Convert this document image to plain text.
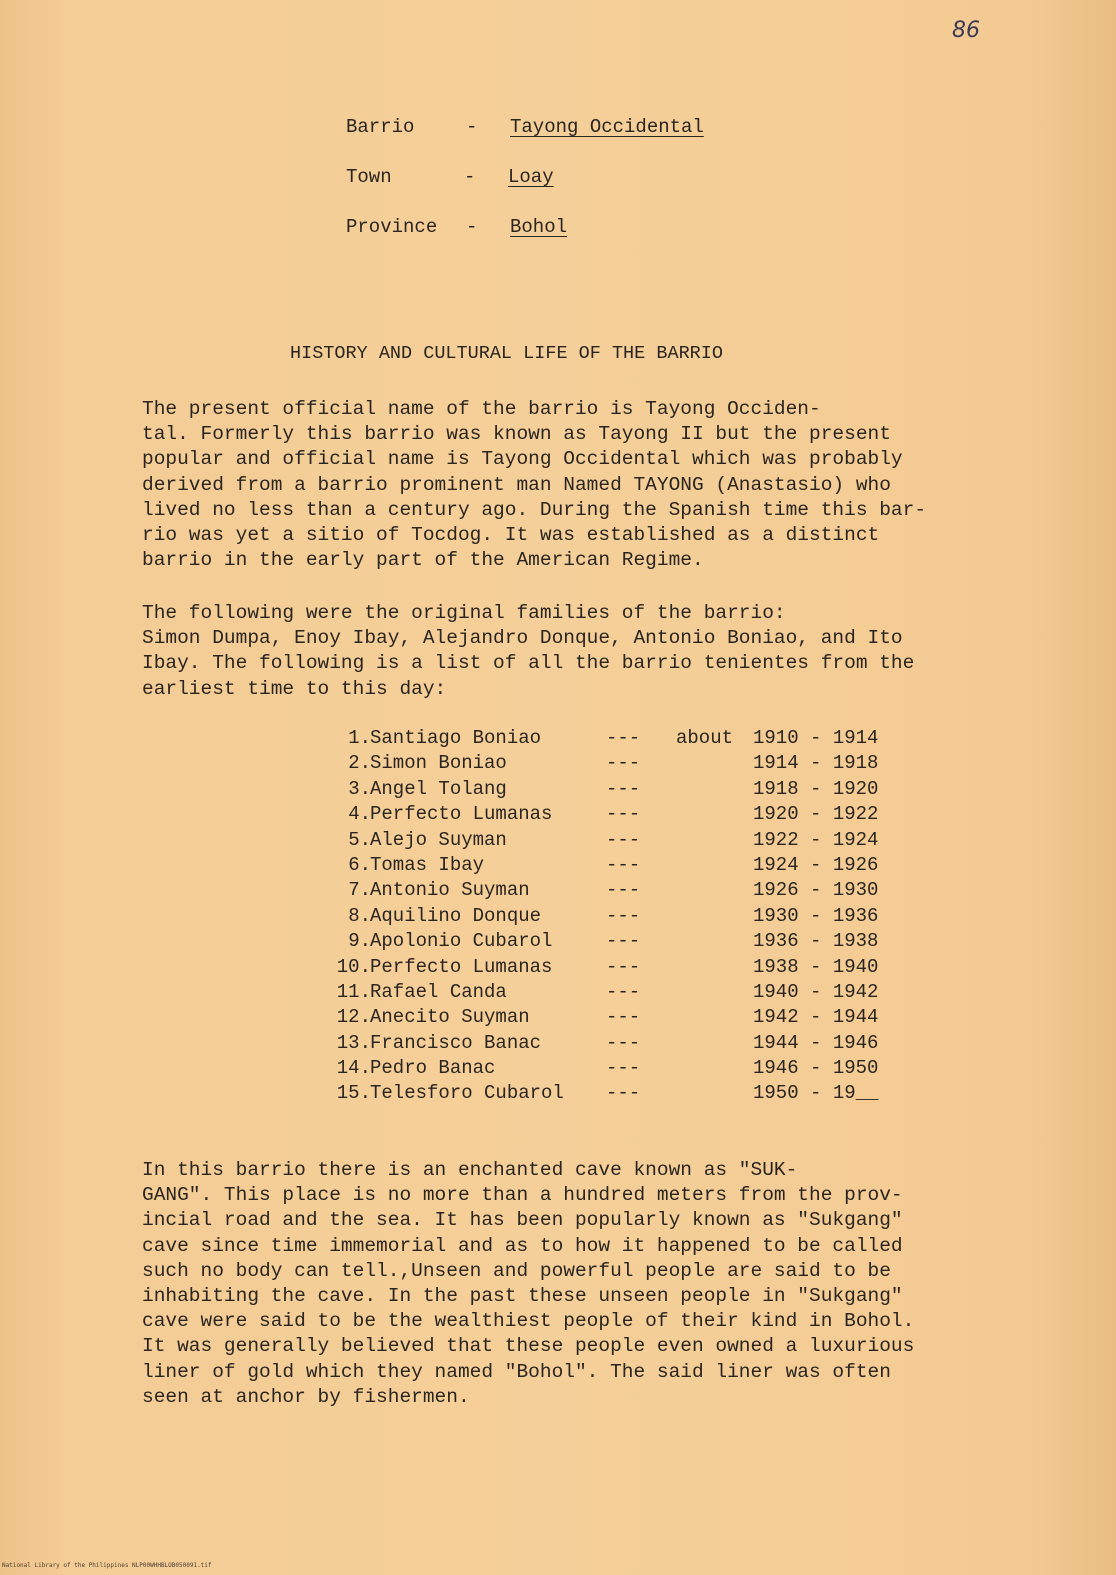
86
Barrio	- Tayong Occidental
Town	- Loay
Province - Bohol
HISTORY AND CULTURAL LIFE OF THE BARRIO

The present official name of the barrio is Tayong Occiden-
tal. Formerly this barrio was known as Tayong II but the present
popular and official name is Tayong Occidental which was probably
derived from a barrio prominent man Named TAYONG (Anastasio) who
lived no less than a century ago. During the Spanish time this bar-
rio was yet a sitio of Tocdog. It was established as a distinct
barrio in the early part of the American Regime.

The following were the original families of the barrio:
Simon Dumpa, Enoy Ibay, Alejandro Donque, Antonio Boniao, and Ito
Ibay. The following is a list of all the barrio tenientes from the
earliest time to this day:

1. Santiago Boniao	--- about 1910 - 1914
2. Simon Boniao	---	1914 - 1918
3. Angel Tolang	---	1918 - 1920
4. Perfecto Lumanas	---	1920 - 1922
5. Alejo Suyman	---	1922 - 1924
6. Tomas Ibay	---	1924 - 1926
7. Antonio Suyman	---	1926 - 1930
8. Aquilino Donque	---	1930 - 1936
9. Apolonio Cubarol	---	1936 - 1938
10. Perfecto Lumanas	---	1938 - 1940
11. Rafael Canda	---	1940 - 1942
12. Anecito Suyman	---	1942 - 1944
13. Francisco Banac	---	1944 - 1946
14. Pedro Banac	---	1946 - 1950
15. Telesforo Cubarol ---	1950 - 19__

In this barrio there is an enchanted cave known as "SUK-
GANG". This place is no more than a hundred meters from the prov-
incial road and the sea. It has been popularly known as "Sukgang"
cave since time immemorial and as to how it happened to be called
such no body can tell.,Unseen and powerful people are said to be
inhabiting the cave. In the past these unseen people in "Sukgang"
cave were said to be the wealthiest people of their kind in Bohol.
It was generally believed that these people even owned a luxurious
liner of gold which they named "Bohol". The said liner was often
seen at anchor by fishermen.

National Library of the Philippines NLP00WHHBLOB050091.tif
